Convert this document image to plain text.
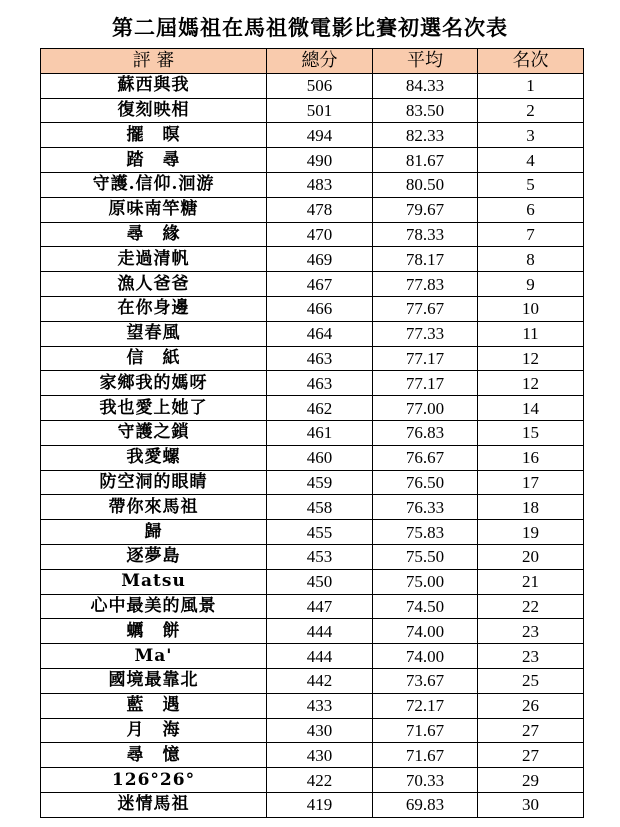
第二屆媽祖在馬祖微電影比賽初選名次表
評 審	總分	平均	名次
蘇西與我	506	84.33	1
復刻映相	501	83.50	2
擺　暝	494	82.33	3
踏　尋	490	81.67	4
守護.信仰.洄游	483	80.50	5
原味南竿糖	478	79.67	6
尋　緣	470	78.33	7
走過清帆	469	78.17	8
漁人爸爸	467	77.83	9
在你身邊	466	77.67	10
望春風	464	77.33	11
信　紙	463	77.17	12
家鄉我的媽呀	463	77.17	12
我也愛上她了	462	77.00	14
守護之鎖	461	76.83	15
我愛螺	460	76.67	16
防空洞的眼睛	459	76.50	17
帶你來馬祖	458	76.33	18
歸	455	75.83	19
逐夢島	453	75.50	20
Matsu	450	75.00	21
心中最美的風景	447	74.50	22
蠣　餅	444	74.00	23
Ma'	444	74.00	23
國境最靠北	442	73.67	25
藍　遇	433	72.17	26
月　海	430	71.67	27
尋　憶	430	71.67	27
126°26°	422	70.33	29
迷情馬祖	419	69.83	30
